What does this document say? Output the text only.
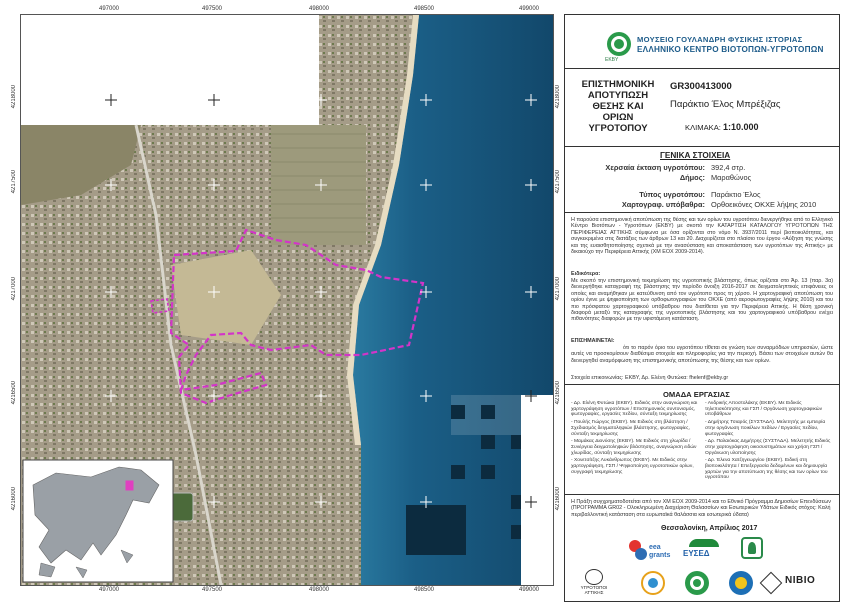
497000
497000
497500
497500
498000
498000
498500
498500
499000
499000
4218000	4218000
4217500	4217500
4217000	4217000
4216500	4216500
4216000	4216000
ΕΚΒΥ
ΜΟΥΣΕΙΟ ΓΟΥΛΑΝΔΡΗ ΦΥΣΙΚΗΣ ΙΣΤΟΡΙΑΣ
ΕΛΛΗΝΙΚΟ ΚΕΝΤΡΟ ΒΙΟΤΟΠΩΝ-ΥΓΡΟΤΟΠΩΝ
ΕΠΙΣΤΗΜΟΝΙΚΗ ΑΠΟΤΥΠΩΣΗ ΘΕΣΗΣ ΚΑΙ ΟΡΙΩΝ ΥΓΡΟΤΟΠΟΥ
GR300413000
Παράκτιο Έλος Μπρέξιζας
ΚΛΙΜΑΚΑ: 1:10.000
ΓΕΝΙΚΑ ΣΤΟΙΧΕΙΑ
Χερσαία έκταση υγροτόπου: 392,4 στρ.
Δήμος: Μαραθώνος
Τύπος υγροτόπου: Παράκτιο Έλος
Χαρτογραφ. υπόβαθρα: Ορθοεικόνες ΟΚΧΕ λήψης 2010
Η παρούσα επιστημονική αποτύπωση της θέσης και των ορίων του υγροτόπου διενεργήθηκε από το Ελληνικό Κέντρο Βιοτόπων - Υγροτόπων (ΕΚΒΥ) με σκοπό την ΚΑΤΑΡΤΙΣΗ ΚΑΤΑΛΟΓΟΥ ΥΓΡΟΤΟΠΩΝ ΤΗΣ ΠΕΡΙΦΕΡΕΙΑΣ ΑΤΤΙΚΗΣ σύμφωνα με όσα ορίζονται στο νόμο Ν. 3937/2011 περί βιοποικιλότητας, και συγκεκριμένα στις διατάξεις των άρθρων 13 και 20. Διαχειρίζεται στο πλαίσιο του έργου «Αύξηση της γνώσης και της ευαισθητοποίησης σχετικά με την ανασύσταση και αποκατάσταση των υγροτόπων της Αττικής» με δικαιούχο την Περιφέρεια Αττικής (ΧΜ ΕΟΧ 2009-2014).
Ειδικότερα:
Με σκοπό την επιστημονική τεκμηρίωση της υγροτοπικής βλάστησης, όπως ορίζεται στο Άρ. 13 (παρ. 3α) διενεργήθηκε καταγραφή της βλάστησης την περίοδο άνοιξη 2016-2017 σε δειγματοληπτικές επιφάνειες οι οποίες και αναμήθηκαν με κατεύθυνση από τον υγρότοπο προς τη χέρσο. Η χαρτογραφική αποτύπωση του ορίου έγινε με ψηφιοποίηση των ορθοφωτογραφιών του ΟΚΧΕ (από αεροφωτογραφίες λήψης 2010) και του πιο πρόσφατου χαρτογραφικού υπόβαθρου που διατίθεται για την Περιφέρεια Αττικής. Η θέση χρονική διαφορά μεταξύ της καταγραφής της υγροτοπικής βλάστησης και του χαρτογραφικού υπόβαθρου ενέχει πιθανότητες διαφορών με την υφιστάμενη κατάσταση.
ΕΠΙΣΗΜΑΙΝΕΤΑΙ:
ότι το παρόν όριο του υγροτόπου τίθεται σε γνώση των συναρμόδιων υπηρεσιών, ώστε αυτές να προσκομίσουν διαθέσιμα στοιχεία και πληροφορίες για την περιοχή. Βάσει των στοιχείων αυτών θα διενεργηθεί αναμόρφωση της επιστημονικής αποτύπωσης της θέσης και των ορίων.
Στοιχεία επικοινωνίας: ΕΚΒΥ, Δρ. Ελένη Φυτώκα: fhelenf@ekby.gr
ΟΜΑΔΑ ΕΡΓΑΣΙΑΣ
- Δρ. Ελένη Φυτώκα (ΕΚΒΥ). Ειδικός στην αναγνώριση και χαρτογράφηση υγροτόπων / Επιστημονικός συντονισμός, φωτογραφίες, εργασίες πεδίου, σύνταξη τεκμηρίωσης
- Πουλής Γιώργος (ΕΚΒΥ). Με Ειδικός στη βλάστηση / Σχεδιασμός δειγματοληψιών βλάστησης, φωτογραφίες, σύνταξη τεκμηρίωσης
- Μαμάκας Διονύσης (ΕΚΒΥ). Με Ειδικός στη χλωρίδα / Συνέργεια δειγματοληψιών βλάστησης, αναγνώριση ειδών χλωρίδας, σύνταξη τεκμηρίωσης
- Χονετσίτζης Λυκάνθρωπος (ΕΚΒΥ). Με Ειδικός στην χαρτογράφηση, ΓΣΠ / Ψηφιοποίηση υγροτοπικών ορίων, συγγραφή τεκμηρίωσης
- Ανδρικής Αποστολάκης (ΕΚΒΥ). Με Ειδικός τηλεπισκόπησης και ΓΣΠ / Οργάνωση χαρτογραφικών υποβάθρων
- Δημήτρης Τσιαρός (ΣΥΣΤΑΔΑ). Μελετητής με εμπειρία στην οργάνωση ποικίλων πεδίων / Εργασίες πεδίου, φωτογραφίες
- Δρ. Παλαιόκας Δημήτρης (ΣΥΣΤΑΔΑ). Μελετητής Ειδικός στην χαρτογράφηση οικοσυστημάτων και χρήση ΓΣΠ / Οργάνωση υλοποίησης
- Δρ. Έλενα Χατζηγεωργίου (ΕΚΒΥ). Ειδική στη βιοποικιλότητα / Επεξεργασία δεδομένων και δημιουργία χαρτών για την αποτύπωση της θέσης και των ορίων του υγροτόπου
Η Πράξη συγχρηματοδοτείται από τον ΧΜ ΕΟΧ 2009-2014 και το Εθνικό Πρόγραμμα Δημοσίων Επενδύσεων (ΠΡΟΓΡΑΜΜΑ GR02 - Ολοκληρωμένη Διαχείριση Θαλασσίων και Εσωτερικών Υδάτων Ειδικός στόχος: Καλή περιβαλλοντική κατάσταση στα ευρωπαϊκά θαλάσσια και εσωτερικά ύδατα)
Θεσσαλονίκη, Απρίλιος 2017
eea grants	ΕΥΣΕΔ
ΥΓΡΟΤΟΠΟΙ ΑΤΤΙΚΗΣ
NIBIO
